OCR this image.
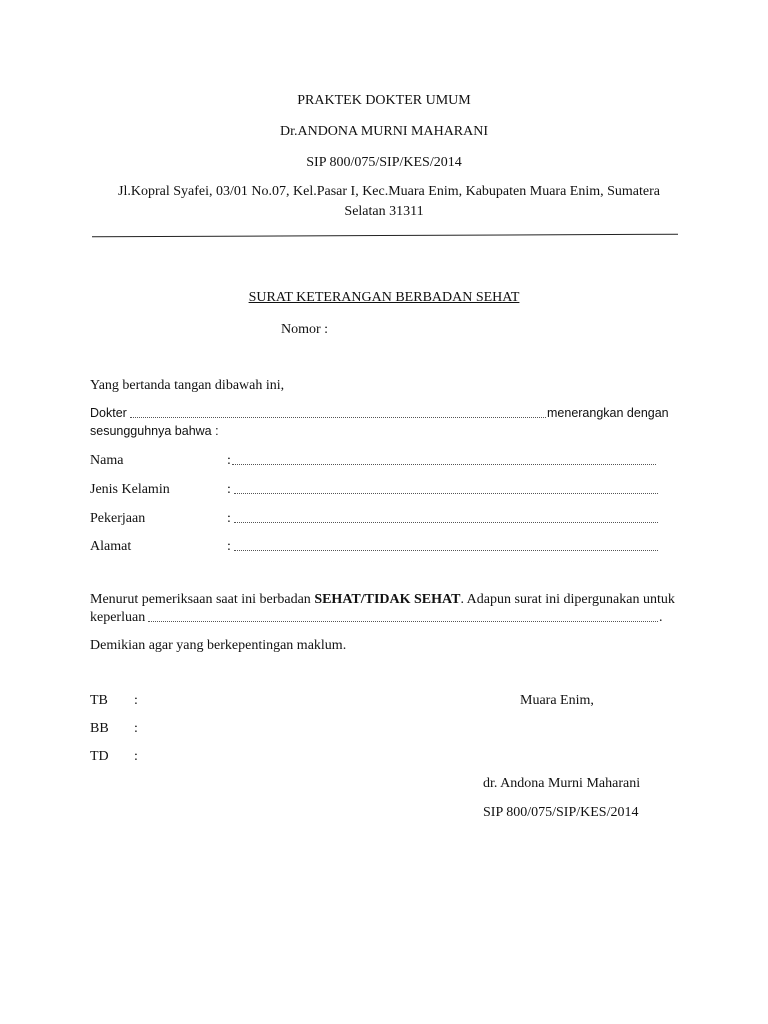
PRAKTEK DOKTER UMUM
Dr.ANDONA MURNI MAHARANI
SIP 800/075/SIP/KES/2014
Jl.Kopral Syafei, 03/01 No.07, Kel.Pasar I, Kec.Muara Enim, Kabupaten Muara Enim, Sumatera
Selatan 31311
SURAT KETERANGAN BERBADAN SEHAT
Nomor :
Yang bertanda tangan dibawah ini,
Dokter	menerangkan dengan
sesungguhnya bahwa :
Nama	:
Jenis Kelamin	:
Pekerjaan	:
Alamat	:
Menurut pemeriksaan saat ini berbadan SEHAT/TIDAK SEHAT. Adapun surat ini dipergunakan untuk
keperluan	.
Demikian agar yang berkepentingan maklum.
TB :
BB :
TD :
Muara Enim,
dr. Andona Murni Maharani
SIP 800/075/SIP/KES/2014
